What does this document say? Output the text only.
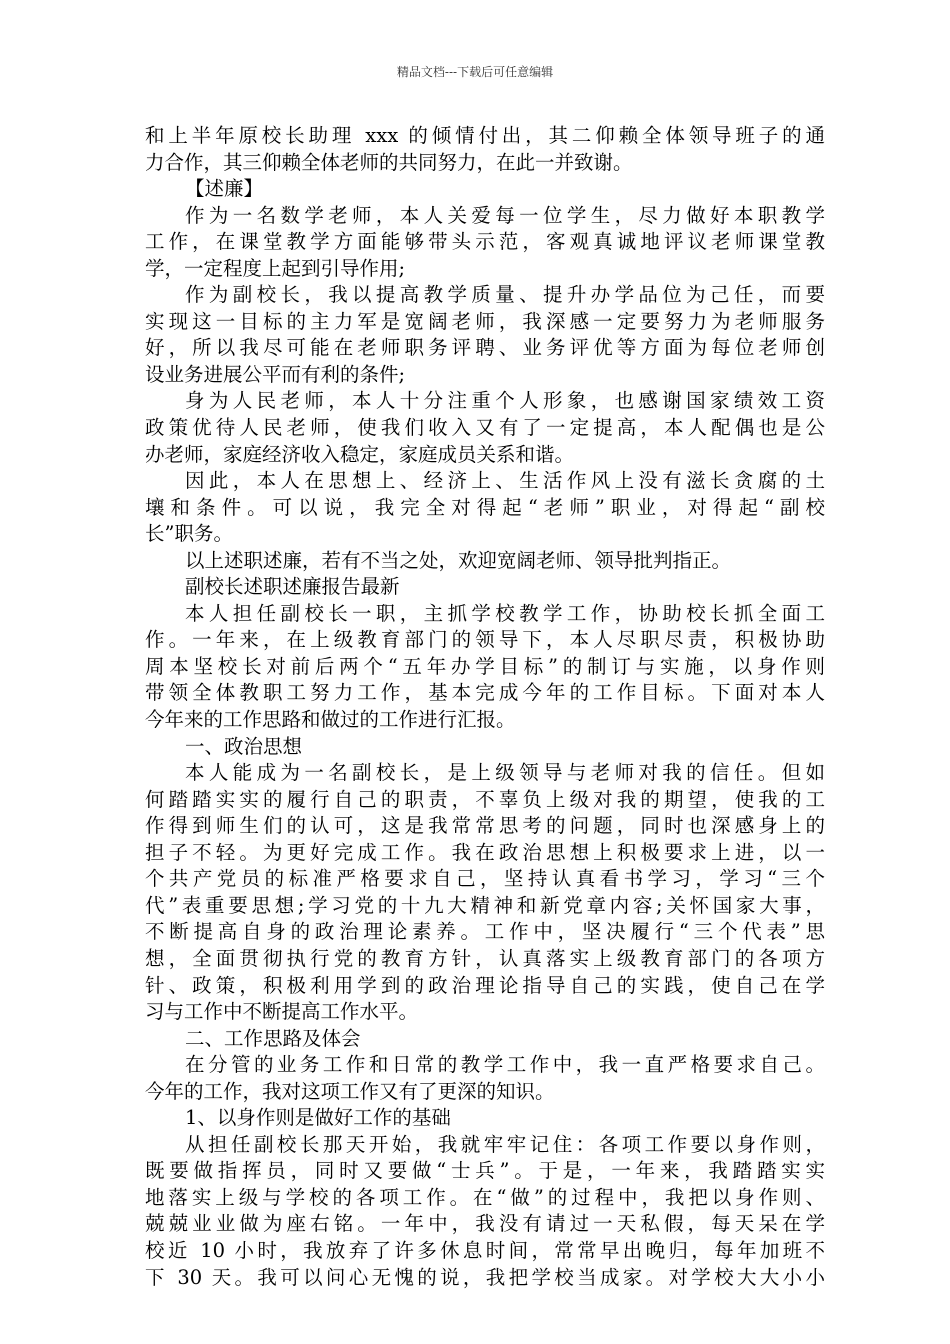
精品文档---下载后可任意编辑
和上半年原校长助理 xxx 的倾情付出，其二仰赖全体领导班子的通
力合作，其三仰赖全体老师的共同努力，在此一并致谢。
【述廉】
作为一名数学老师，本人关爱每一位学生，尽力做好本职教学
工作，在课堂教学方面能够带头示范，客观真诚地评议老师课堂教
学，一定程度上起到引导作用;
作为副校长，我以提高教学质量、提升办学品位为己任，而要
实现这一目标的主力军是宽阔老师，我深感一定要努力为老师服务
好，所以我尽可能在老师职务评聘、业务评优等方面为每位老师创
设业务进展公平而有利的条件;
身为人民老师，本人十分注重个人形象，也感谢国家绩效工资
政策优待人民老师，使我们收入又有了一定提高，本人配偶也是公
办老师，家庭经济收入稳定，家庭成员关系和谐。
因此，本人在思想上、经济上、生活作风上没有滋长贪腐的土
壤和条件。可以说，我完全对得起“老师”职业，对得起“副校
长”职务。
以上述职述廉，若有不当之处，欢迎宽阔老师、领导批判指正。
副校长述职述廉报告最新
本人担任副校长一职，主抓学校教学工作，协助校长抓全面工
作。一年来，在上级教育部门的领导下，本人尽职尽责，积极协助
周本坚校长对前后两个“五年办学目标”的制订与实施，以身作则
带领全体教职工努力工作，基本完成今年的工作目标。下面对本人
今年来的工作思路和做过的工作进行汇报。
一、政治思想
本人能成为一名副校长，是上级领导与老师对我的信任。但如
何踏踏实实的履行自己的职责，不辜负上级对我的期望，使我的工
作得到师生们的认可，这是我常常思考的问题，同时也深感身上的
担子不轻。为更好完成工作。我在政治思想上积极要求上进，以一
个共产党员的标准严格要求自己，坚持认真看书学习，学习“三个
代”表重要思想;学习党的十九大精神和新党章内容;关怀国家大事，
不断提高自身的政治理论素养。工作中，坚决履行“三个代表”思
想，全面贯彻执行党的教育方针，认真落实上级教育部门的各项方
针、政策，积极利用学到的政治理论指导自己的实践，使自己在学
习与工作中不断提高工作水平。
二、工作思路及体会
在分管的业务工作和日常的教学工作中，我一直严格要求自己。
今年的工作，我对这项工作又有了更深的知识。
1、以身作则是做好工作的基础
从担任副校长那天开始，我就牢牢记住：各项工作要以身作则，
既要做指挥员，同时又要做“士兵”。于是，一年来，我踏踏实实
地落实上级与学校的各项工作。在“做”的过程中，我把以身作则、
兢兢业业做为座右铭。一年中，我没有请过一天私假，每天呆在学
校近 10 小时，我放弃了许多休息时间，常常早出晚归，每年加班不
下 30 天。我可以问心无愧的说，我把学校当成家。对学校大大小小
